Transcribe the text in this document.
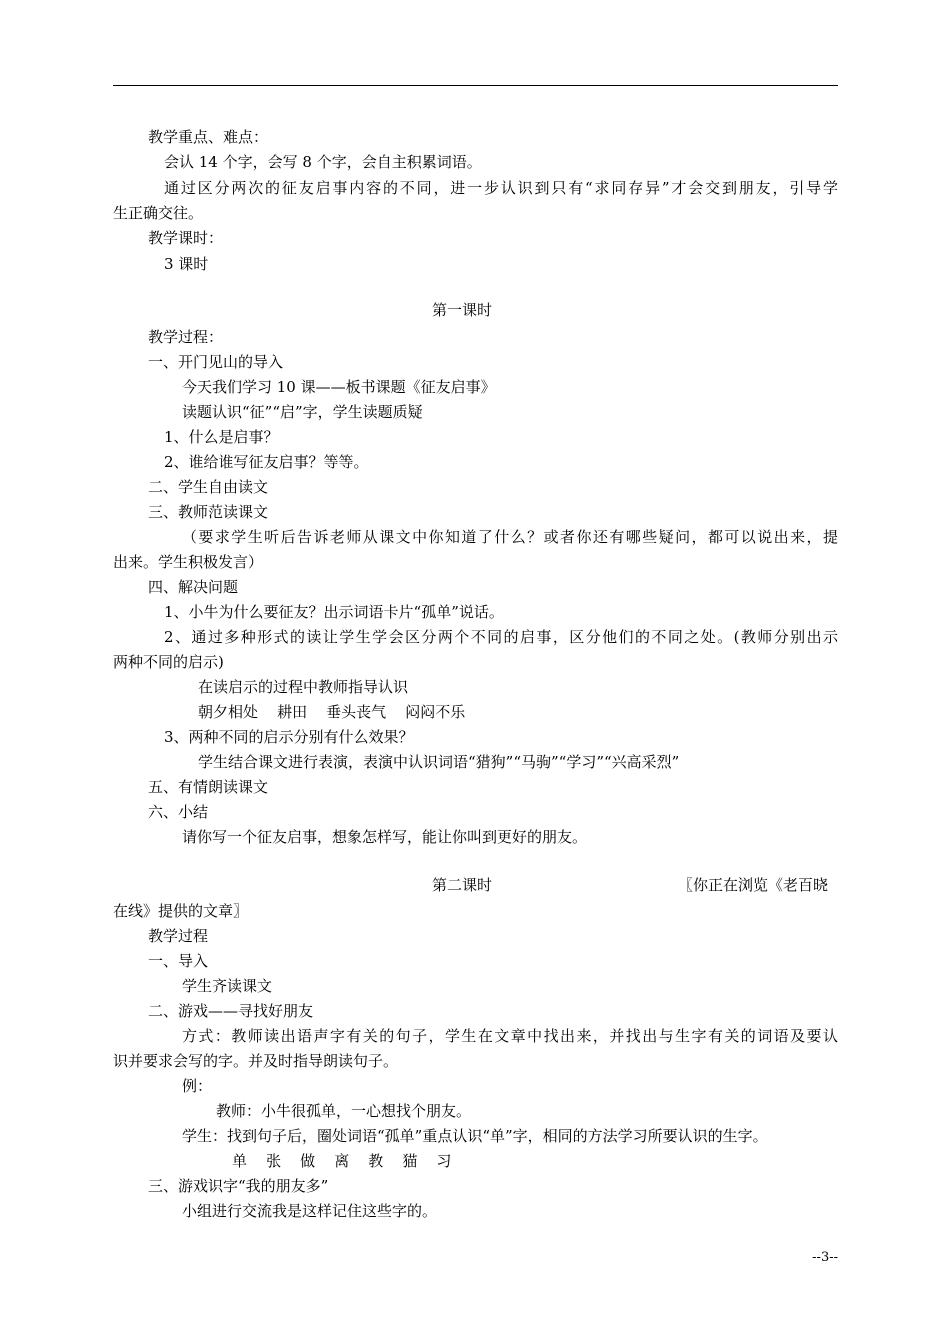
教学重点、难点：
会认 14 个字，会写 8 个字，会自主积累词语。
通过区分两次的征友启事内容的不同，进一步认识到只有“求同存异”才会交到朋友，引导学
生正确交往。
教学课时：
3 课时
第一课时
教学过程：
一、开门见山的导入
今天我们学习 10 课——板书课题《征友启事》
读题认识“征”“启”字，学生读题质疑
1、什么是启事？
2、谁给谁写征友启事？等等。
二、学生自由读文
三、教师范读课文
（要求学生听后告诉老师从课文中你知道了什么？或者你还有哪些疑问，都可以说出来，提
出来。学生积极发言）
四、解决问题
1、小牛为什么要征友？出示词语卡片“孤单”说话。
2、通过多种形式的读让学生学会区分两个不同的启事，区分他们的不同之处。(教师分别出示
两种不同的启示)
在读启示的过程中教师指导认识
朝夕相处    耕田    垂头丧气    闷闷不乐
3、两种不同的启示分别有什么效果？
学生结合课文进行表演，表演中认识词语“猎狗”“马驹”“学习”“兴高采烈”
五、有情朗读课文
六、小结
请你写一个征友启事，想象怎样写，能让你叫到更好的朋友。
第二课时	〖你正在浏览《老百晓
在线》提供的文章〗
教学过程
一、导入
学生齐读课文
二、游戏——寻找好朋友
方式：教师读出语声字有关的句子，学生在文章中找出来，并找出与生字有关的词语及要认
识并要求会写的字。并及时指导朗读句子。
例：
教师：小牛很孤单，一心想找个朋友。
学生：找到句子后，圈处词语“孤单”重点认识“单”字，相同的方法学习所要认识的生字。
单    张    做    离    教    猫    习
三、游戏识字“我的朋友多”
小组进行交流我是这样记住这些字的。
--3--
